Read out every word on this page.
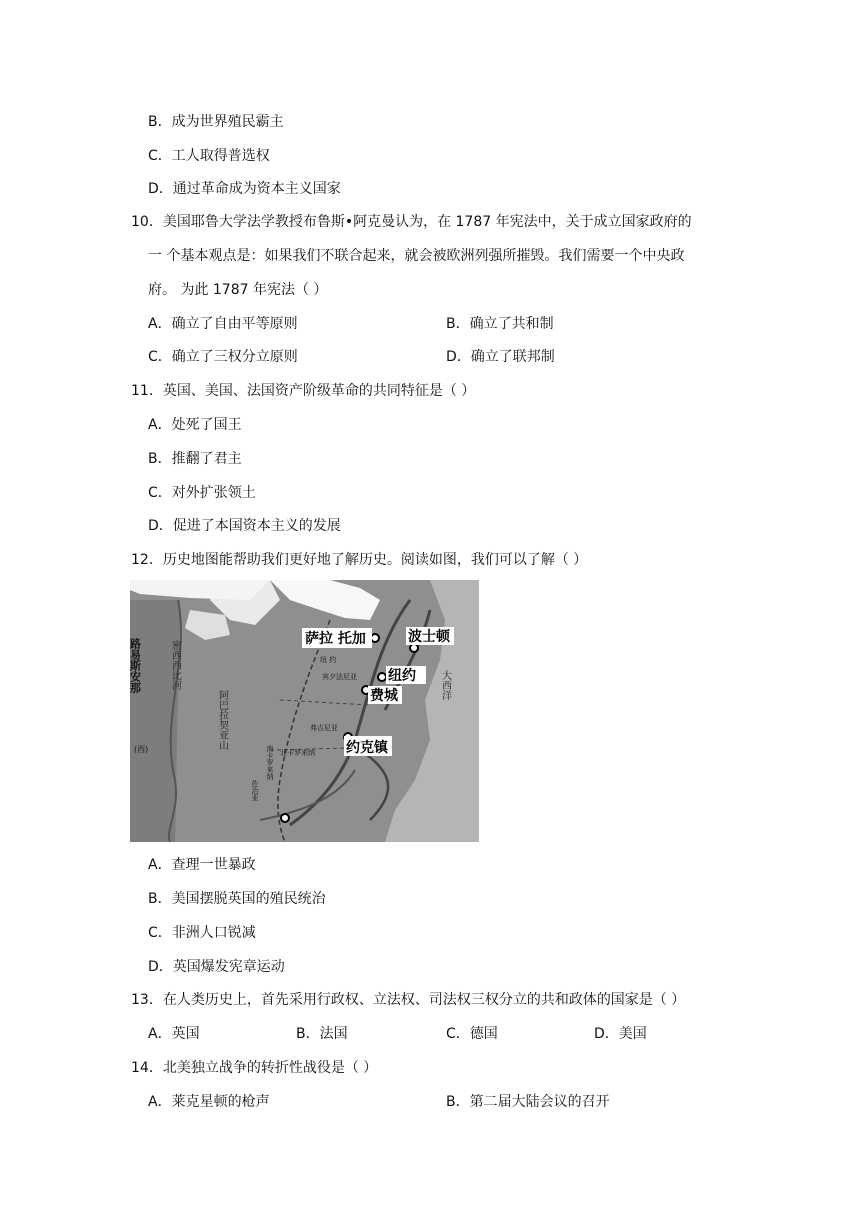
B．成为世界殖民霸主
C．工人取得普选权
D．通过革命成为资本主义国家
10．美国耶鲁大学法学教授布鲁斯•阿克曼认为，在 1787 年宪法中，关于成立国家政府的
一 个基本观点是：如果我们不联合起来，就会被欧洲列强所摧毁。我们需要一个中央政
府。 为此 1787 年宪法（ ）
A．确立了自由平等原则	B．确立了共和制
C．确立了三权分立原则	D．确立了联邦制
11．英国、美国、法国资产阶级革命的共同特征是（ ）
A．处死了国王
B．推翻了君主
C．对外扩张领土
D．促进了本国资本主义的发展
12．历史地图能帮助我们更好地了解历史。阅读如图，我们可以了解（ ）
萨拉 托加	波士顿
纽约
费城
约克镇
路易斯安那
(西)	阿巴拉契亚山
密西西比河	大西洋
纽 约
宾夕法尼亚
弗吉尼亚
北卡罗来纳
南卡罗来纳
佐治亚
A．查理一世暴政
B．美国摆脱英国的殖民统治
C．非洲人口锐减
D．英国爆发宪章运动
13．在人类历史上，首先采用行政权、立法权、司法权三权分立的共和政体的国家是（ ）
A．英国	B．法国	C．德国	D．美国
14．北美独立战争的转折性战役是（ ）
A．莱克星顿的枪声	B．第二届大陆会议的召开
